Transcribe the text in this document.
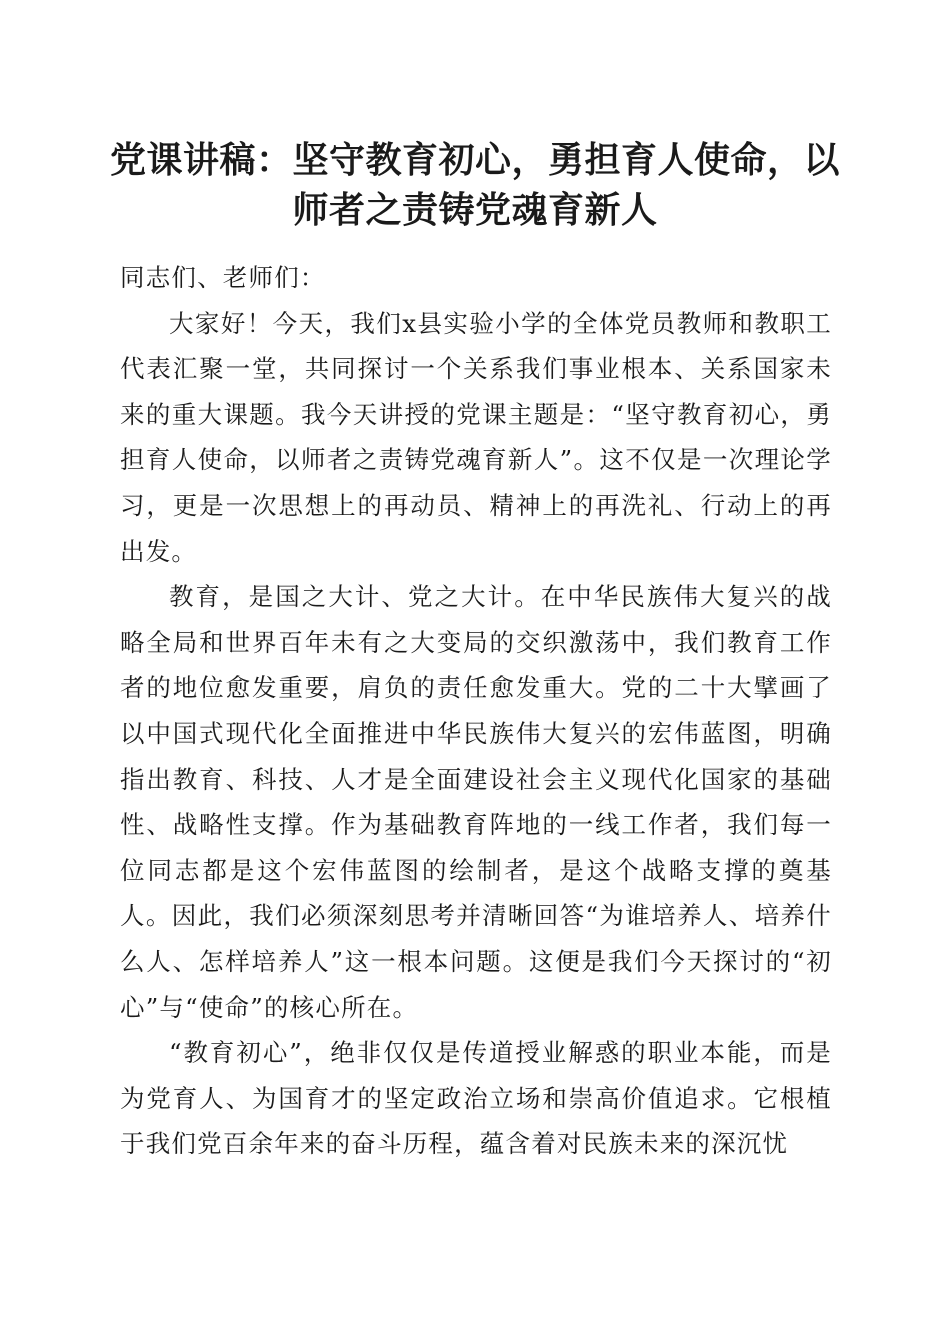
党课讲稿：坚守教育初心，勇担育人使命，以
师者之责铸党魂育新人

同志们、老师们：

大家好！今天，我们x县实验小学的全体党员教师和教职工代表汇聚一堂，共同探讨一个关系我们事业根本、关系国家未来的重大课题。我今天讲授的党课主题是：“坚守教育初心，勇担育人使命，以师者之责铸党魂育新人”。这不仅是一次理论学习，更是一次思想上的再动员、精神上的再洗礼、行动上的再出发。

教育，是国之大计、党之大计。在中华民族伟大复兴的战略全局和世界百年未有之大变局的交织激荡中，我们教育工作者的地位愈发重要，肩负的责任愈发重大。党的二十大擘画了以中国式现代化全面推进中华民族伟大复兴的宏伟蓝图，明确指出教育、科技、人才是全面建设社会主义现代化国家的基础性、战略性支撑。作为基础教育阵地的一线工作者，我们每一位同志都是这个宏伟蓝图的绘制者，是这个战略支撑的奠基人。因此，我们必须深刻思考并清晰回答“为谁培养人、培养什么人、怎样培养人”这一根本问题。这便是我们今天探讨的“初心”与“使命”的核心所在。

“教育初心”，绝非仅仅是传道授业解惑的职业本能，而是为党育人、为国育才的坚定政治立场和崇高价值追求。它根植于我们党百余年来的奋斗历程，蕴含着对民族未来的深沉忧
